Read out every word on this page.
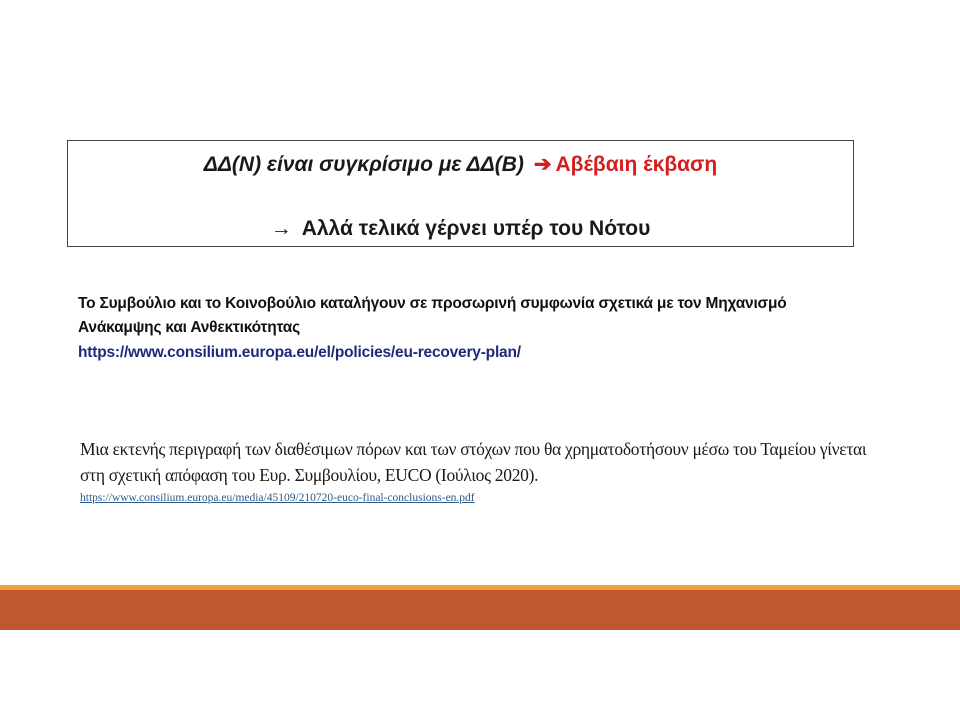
ΔΔ(Ν) είναι συγκρίσιμο με ΔΔ(Β) ➔ Αβέβαιη έκβαση
→ Αλλά τελικά γέρνει υπέρ του Νότου
Το Συμβούλιο και το Κοινοβούλιο καταλήγουν σε προσωρινή συμφωνία σχετικά με τον Μηχανισμό Ανάκαμψης και Ανθεκτικότητας
https://www.consilium.europa.eu/el/policies/eu-recovery-plan/
Μια εκτενής περιγραφή των διαθέσιμων πόρων και των στόχων που θα χρηματοδοτήσουν μέσω του Ταμείου γίνεται στη σχετική απόφαση του Ευρ. Συμβουλίου, EUCO (Ιούλιος 2020).
https://www.consilium.europa.eu/media/45109/210720-euco-final-conclusions-en.pdf
